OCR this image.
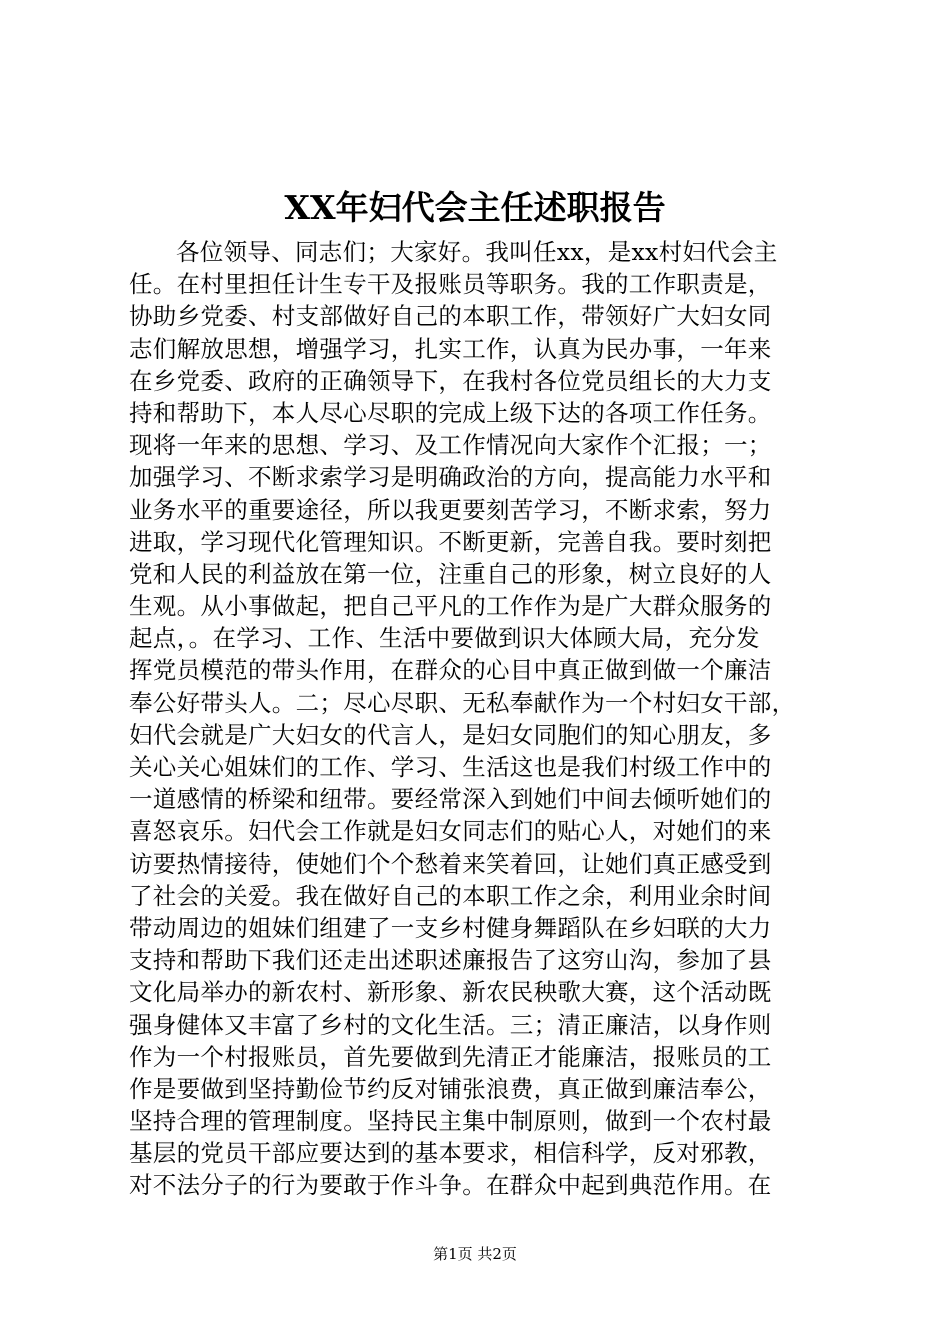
XX年妇代会主任述职报告
各位领导、同志们；大家好。我叫任xx，是xx村妇代会主
任。在村里担任计生专干及报账员等职务。我的工作职责是，
协助乡党委、村支部做好自己的本职工作，带领好广大妇女同
志们解放思想，增强学习，扎实工作，认真为民办事，一年来
在乡党委、政府的正确领导下，在我村各位党员组长的大力支
持和帮助下，本人尽心尽职的完成上级下达的各项工作任务。
现将一年来的思想、学习、及工作情况向大家作个汇报；一；
加强学习、不断求索学习是明确政治的方向，提高能力水平和
业务水平的重要途径，所以我更要刻苦学习，不断求索，努力
进取，学习现代化管理知识。不断更新，完善自我。要时刻把
党和人民的利益放在第一位，注重自己的形象，树立良好的人
生观。从小事做起，把自己平凡的工作作为是广大群众服务的
起点，。在学习、工作、生活中要做到识大体顾大局，充分发
挥党员模范的带头作用，在群众的心目中真正做到做一个廉洁
奉公好带头人。二；尽心尽职、无私奉献作为一个村妇女干部，
妇代会就是广大妇女的代言人，是妇女同胞们的知心朋友，多
关心关心姐妹们的工作、学习、生活这也是我们村级工作中的
一道感情的桥梁和纽带。要经常深入到她们中间去倾听她们的
喜怒哀乐。妇代会工作就是妇女同志们的贴心人，对她们的来
访要热情接待，使她们个个愁着来笑着回，让她们真正感受到
了社会的关爱。我在做好自己的本职工作之余，利用业余时间
带动周边的姐妹们组建了一支乡村健身舞蹈队在乡妇联的大力
支持和帮助下我们还走出述职述廉报告了这穷山沟，参加了县
文化局举办的新农村、新形象、新农民秧歌大赛，这个活动既
强身健体又丰富了乡村的文化生活。三；清正廉洁，以身作则
作为一个村报账员，首先要做到先清正才能廉洁，报账员的工
作是要做到坚持勤俭节约反对铺张浪费，真正做到廉洁奉公，
坚持合理的管理制度。坚持民主集中制原则，做到一个农村最
基层的党员干部应要达到的基本要求，相信科学，反对邪教，
对不法分子的行为要敢于作斗争。在群众中起到典范作用。在
第1页 共2页
